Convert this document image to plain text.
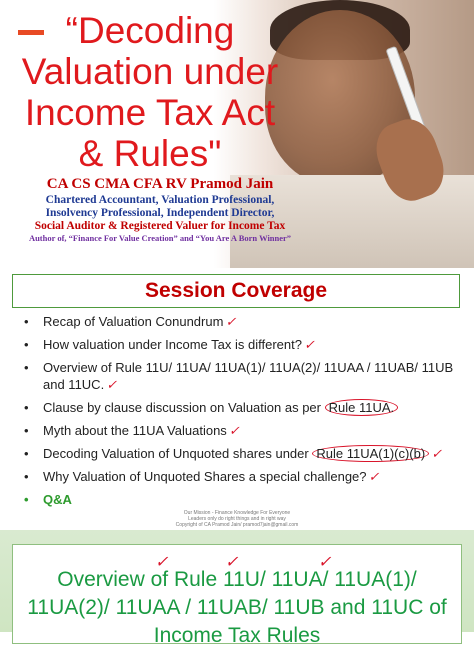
“Decoding
Valuation under
Income Tax Act
& Rules"
CA CS CMA CFA RV Pramod Jain
Chartered Accountant, Valuation Professional,
Insolvency Professional, Independent Director,
Social Auditor & Registered Valuer for Income Tax
Author of, “Finance For Value Creation” and “You Are A Born Winner”
Session Coverage
• Recap of Valuation Conundrum ✓
• How valuation under Income Tax is different? ✓
• Overview of Rule 11U/ 11UA/ 11UA(1)/ 11UA(2)/ 11UAA / 11UAB/ 11UB and 11UC. ✓
• Clause by clause discussion on Valuation as per Rule 11UA.
• Myth about the 11UA Valuations ✓
• Decoding Valuation of Unquoted shares under Rule 11UA(1)(c)(b) ✓
• Why Valuation of Unquoted Shares a special challenge? ✓
• Q&A
Our Mission - Finance Knowledge For Everyone
Leaders only do right things and in right way
Copyright of CA Pramod Jain/ pramod7jain@gmail.com
✓	✓	✓
Overview of Rule 11U/ 11UA/ 11UA(1)/
11UA(2)/ 11UAA / 11UAB/ 11UB and 11UC of
Income Tax Rules
